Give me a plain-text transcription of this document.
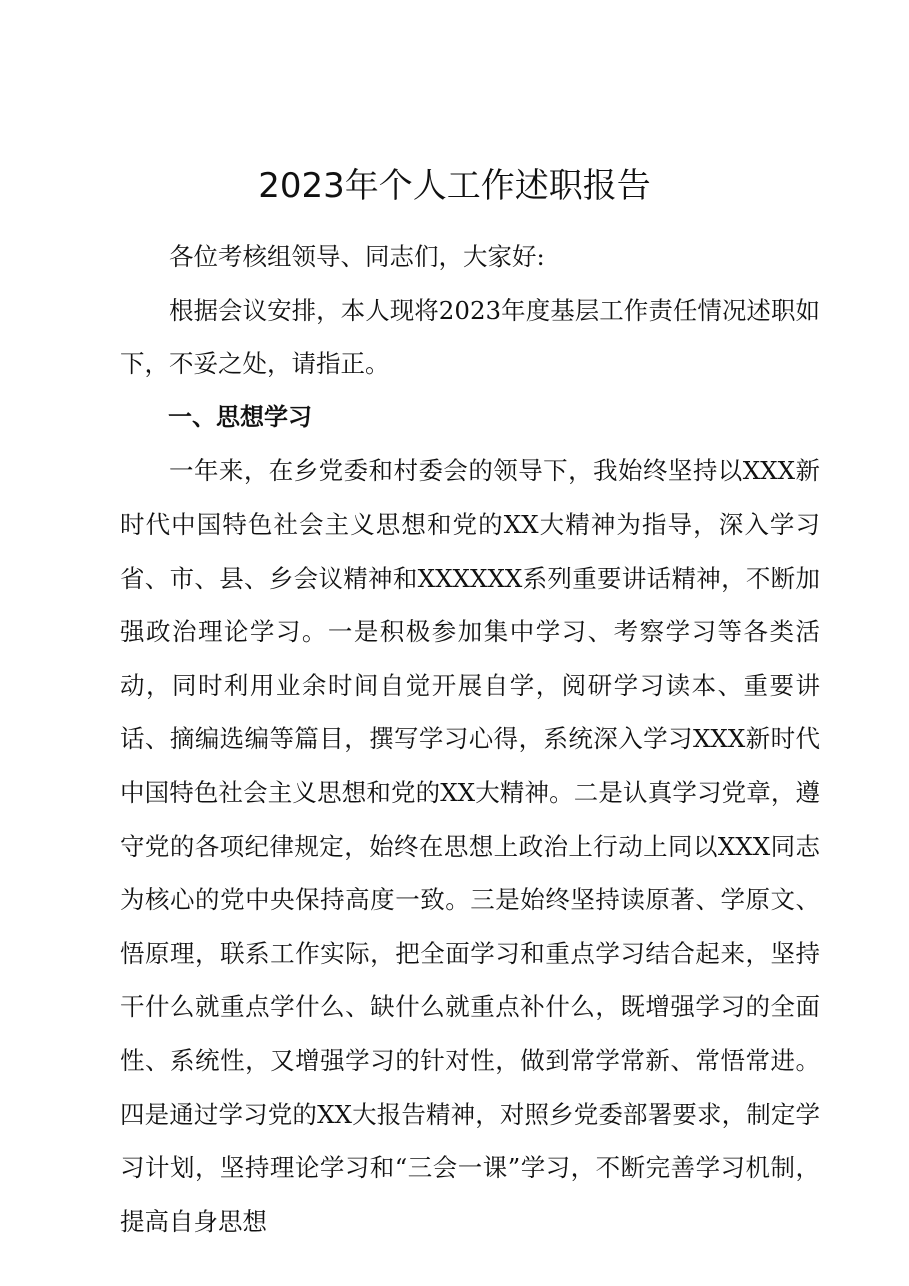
2023年个人工作述职报告

各位考核组领导、同志们，大家好:

根据会议安排，本人现将2023年度基层工作责任情况述职如下，不妥之处，请指正。

一、思想学习

一年来，在乡党委和村委会的领导下，我始终坚持以XXX新时代中国特色社会主义思想和党的XX大精神为指导，深入学习省、市、县、乡会议精神和XXXXXX系列重要讲话精神，不断加强政治理论学习。一是积极参加集中学习、考察学习等各类活动，同时利用业余时间自觉开展自学，阅研学习读本、重要讲话、摘编选编等篇目，撰写学习心得，系统深入学习XXX新时代中国特色社会主义思想和党的XX大精神。二是认真学习党章，遵守党的各项纪律规定，始终在思想上政治上行动上同以XXX同志为核心的党中央保持高度一致。三是始终坚持读原著、学原文、悟原理，联系工作实际，把全面学习和重点学习结合起来，坚持干什么就重点学什么、缺什么就重点补什么，既增强学习的全面性、系统性，又增强学习的针对性，做到常学常新、常悟常进。四是通过学习党的XX大报告精神，对照乡党委部署要求，制定学习计划，坚持理论学习和“三会一课”学习，不断完善学习机制，提高自身思想
